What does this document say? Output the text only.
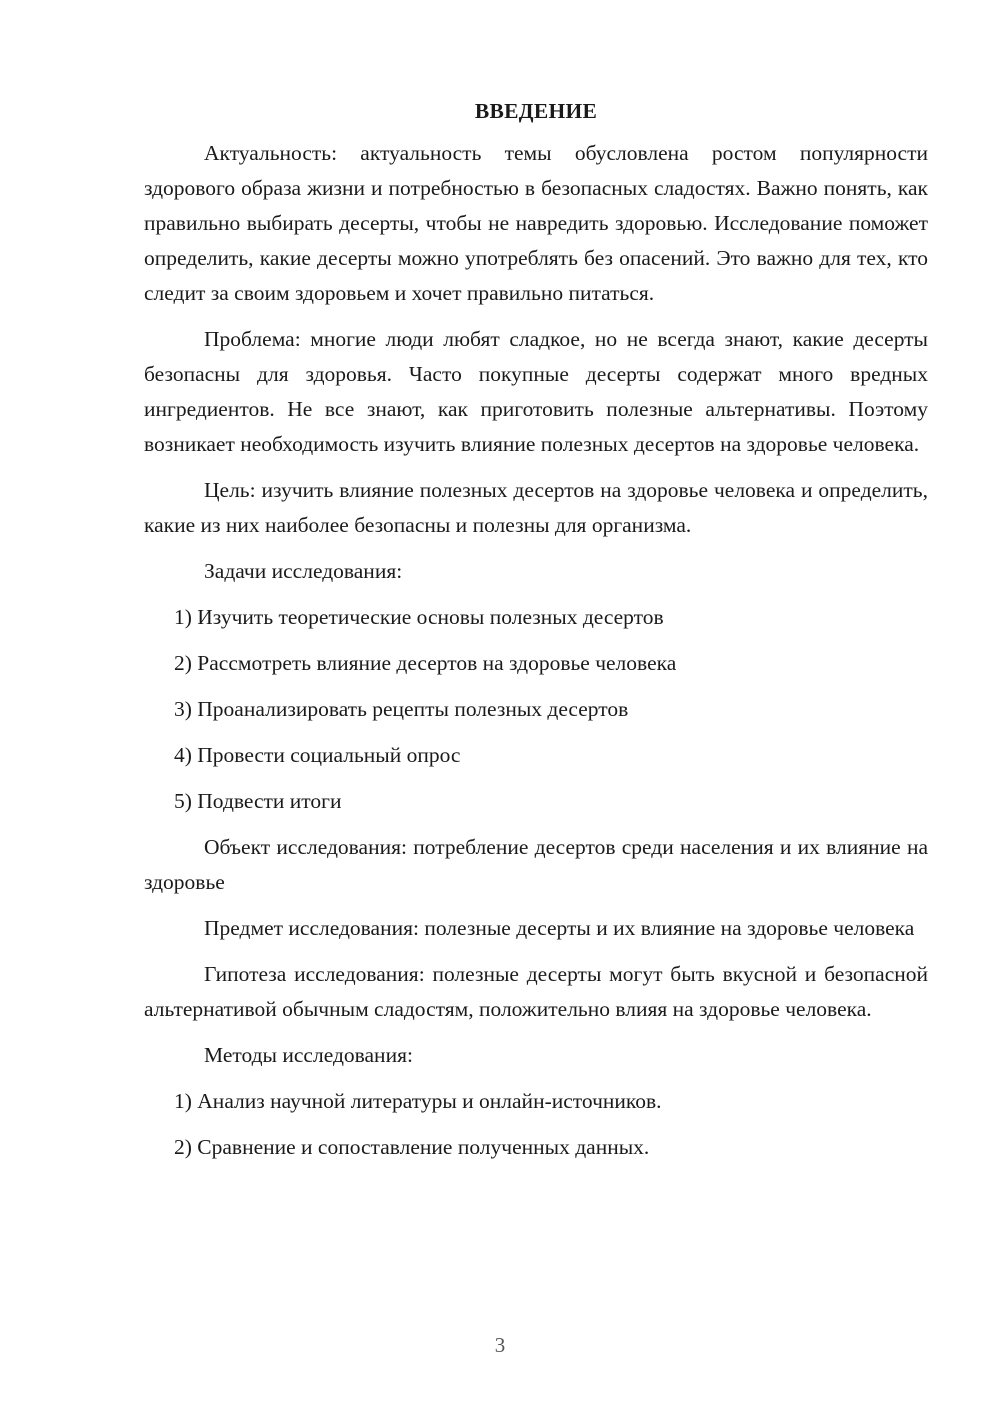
ВВЕДЕНИЕ
Актуальность: актуальность темы обусловлена ростом популярности здорового образа жизни и потребностью в безопасных сладостях. Важно понять, как правильно выбирать десерты, чтобы не навредить здоровью. Исследование поможет определить, какие десерты можно употреблять без опасений. Это важно для тех, кто следит за своим здоровьем и хочет правильно питаться.
Проблема: многие люди любят сладкое, но не всегда знают, какие десерты безопасны для здоровья. Часто покупные десерты содержат много вредных ингредиентов. Не все знают, как приготовить полезные альтернативы. Поэтому возникает необходимость изучить влияние полезных десертов на здоровье человека.
Цель: изучить влияние полезных десертов на здоровье человека и определить, какие из них наиболее безопасны и полезны для организма.
Задачи исследования:
1) Изучить теоретические основы полезных десертов
2) Рассмотреть влияние десертов на здоровье человека
3) Проанализировать рецепты полезных десертов
4) Провести социальный опрос
5) Подвести итоги
Объект исследования: потребление десертов среди населения и их влияние на здоровье
Предмет исследования: полезные десерты и их влияние на здоровье человека
Гипотеза исследования: полезные десерты могут быть вкусной и безопасной альтернативой обычным сладостям, положительно влияя на здоровье человека.
Методы исследования:
1) Анализ научной литературы и онлайн-источников.
2) Сравнение и сопоставление полученных данных.
3
